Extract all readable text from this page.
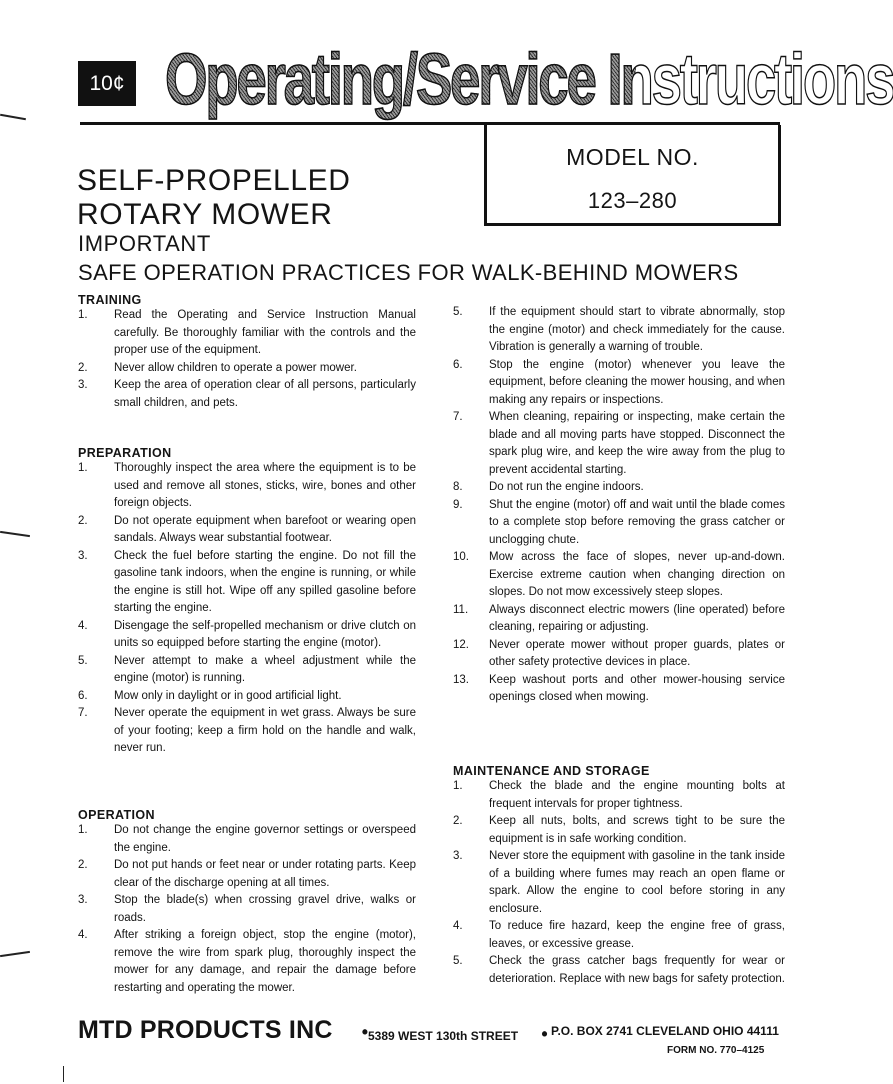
10¢ Operating/Service Instructions
MODEL NO.
123–280
SELF-PROPELLED
ROTARY MOWER
IMPORTANT
SAFE OPERATION PRACTICES FOR WALK-BEHIND MOWERS
TRAINING
1. Read the Operating and Service Instruction Manual carefully. Be thoroughly familiar with the controls and the proper use of the equipment.
2. Never allow children to operate a power mower.
3. Keep the area of operation clear of all persons, particularly small children, and pets.
PREPARATION
1. Thoroughly inspect the area where the equipment is to be used and remove all stones, sticks, wire, bones and other foreign objects.
2. Do not operate equipment when barefoot or wearing open sandals. Always wear substantial footwear.
3. Check the fuel before starting the engine. Do not fill the gasoline tank indoors, when the engine is running, or while the engine is still hot. Wipe off any spilled gasoline before starting the engine.
4. Disengage the self-propelled mechanism or drive clutch on units so equipped before starting the engine (motor).
5. Never attempt to make a wheel adjustment while the engine (motor) is running.
6. Mow only in daylight or in good artificial light.
7. Never operate the equipment in wet grass. Always be sure of your footing; keep a firm hold on the handle and walk, never run.
OPERATION
1. Do not change the engine governor settings or overspeed the engine.
2. Do not put hands or feet near or under rotating parts. Keep clear of the discharge opening at all times.
3. Stop the blade(s) when crossing gravel drive, walks or roads.
4. After striking a foreign object, stop the engine (motor), remove the wire from spark plug, thoroughly inspect the mower for any damage, and repair the damage before restarting and operating the mower.
5. If the equipment should start to vibrate abnormally, stop the engine (motor) and check immediately for the cause. Vibration is generally a warning of trouble.
6. Stop the engine (motor) whenever you leave the equipment, before cleaning the mower housing, and when making any repairs or inspections.
7. When cleaning, repairing or inspecting, make certain the blade and all moving parts have stopped. Disconnect the spark plug wire, and keep the wire away from the plug to prevent accidental starting.
8. Do not run the engine indoors.
9. Shut the engine (motor) off and wait until the blade comes to a complete stop before removing the grass catcher or unclogging chute.
10. Mow across the face of slopes, never up-and-down. Exercise extreme caution when changing direction on slopes. Do not mow excessively steep slopes.
11. Always disconnect electric mowers (line operated) before cleaning, repairing or adjusting.
12. Never operate mower without proper guards, plates or other safety protective devices in place.
13. Keep washout ports and other mower-housing service openings closed when mowing.
MAINTENANCE AND STORAGE
1. Check the blade and the engine mounting bolts at frequent intervals for proper tightness.
2. Keep all nuts, bolts, and screws tight to be sure the equipment is in safe working condition.
3. Never store the equipment with gasoline in the tank inside of a building where fumes may reach an open flame or spark. Allow the engine to cool before storing in any enclosure.
4. To reduce fire hazard, keep the engine free of grass, leaves, or excessive grease.
5. Check the grass catcher bags frequently for wear or deterioration. Replace with new bags for safety protection.
MTD PRODUCTS INC • 5389 WEST 130th STREET • P.O. BOX 2741 CLEVELAND OHIO 44111
FORM NO. 770–4125
